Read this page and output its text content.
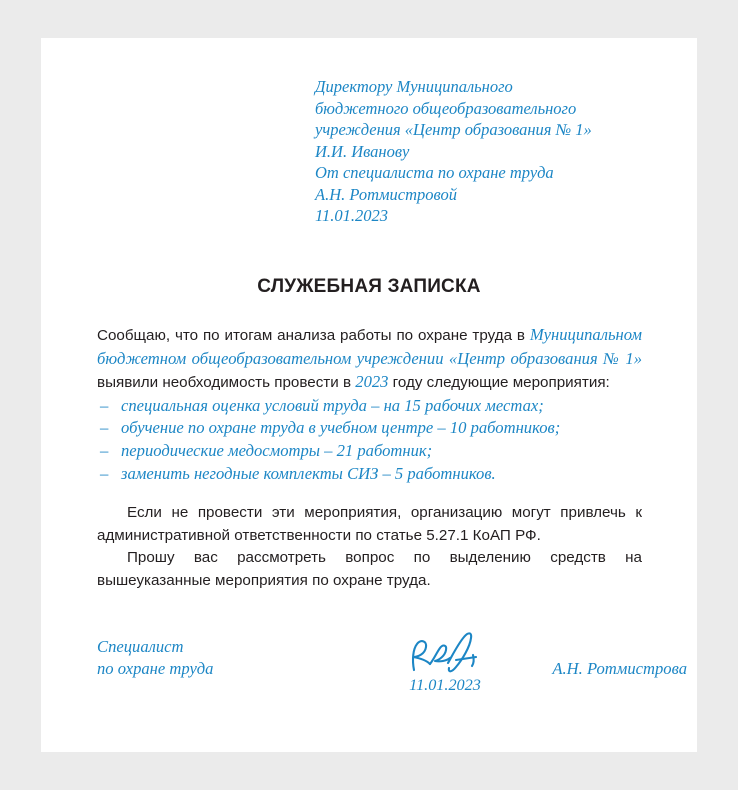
Директору Муниципального
бюджетного общеобразовательного
учреждения «Центр образования № 1»
И.И. Иванову
От специалиста по охране труда
А.Н. Ротмистровой
11.01.2023
СЛУЖЕБНАЯ ЗАПИСКА

Сообщаю, что по итогам анализа работы по охране труда в Муниципальном бюджетном общеобразовательном учреждении «Центр образования № 1» выявили необходимость провести в 2023 году следующие мероприятия:

– специальная оценка условий труда – на 15 рабочих местах;
– обучение по охране труда в учебном центре – 10 работников;
– периодические медосмотры – 21 работник;
– заменить негодные комплекты СИЗ – 5 работников.

Если не провести эти мероприятия, организацию могут привлечь к административной ответственности по статье 5.27.1 КоАП РФ.

Прошу вас рассмотреть вопрос по выделению средств на вышеуказанные мероприятия по охране труда.

Специалист
по охране труда
11.01.2023
А.Н. Ротмистрова
